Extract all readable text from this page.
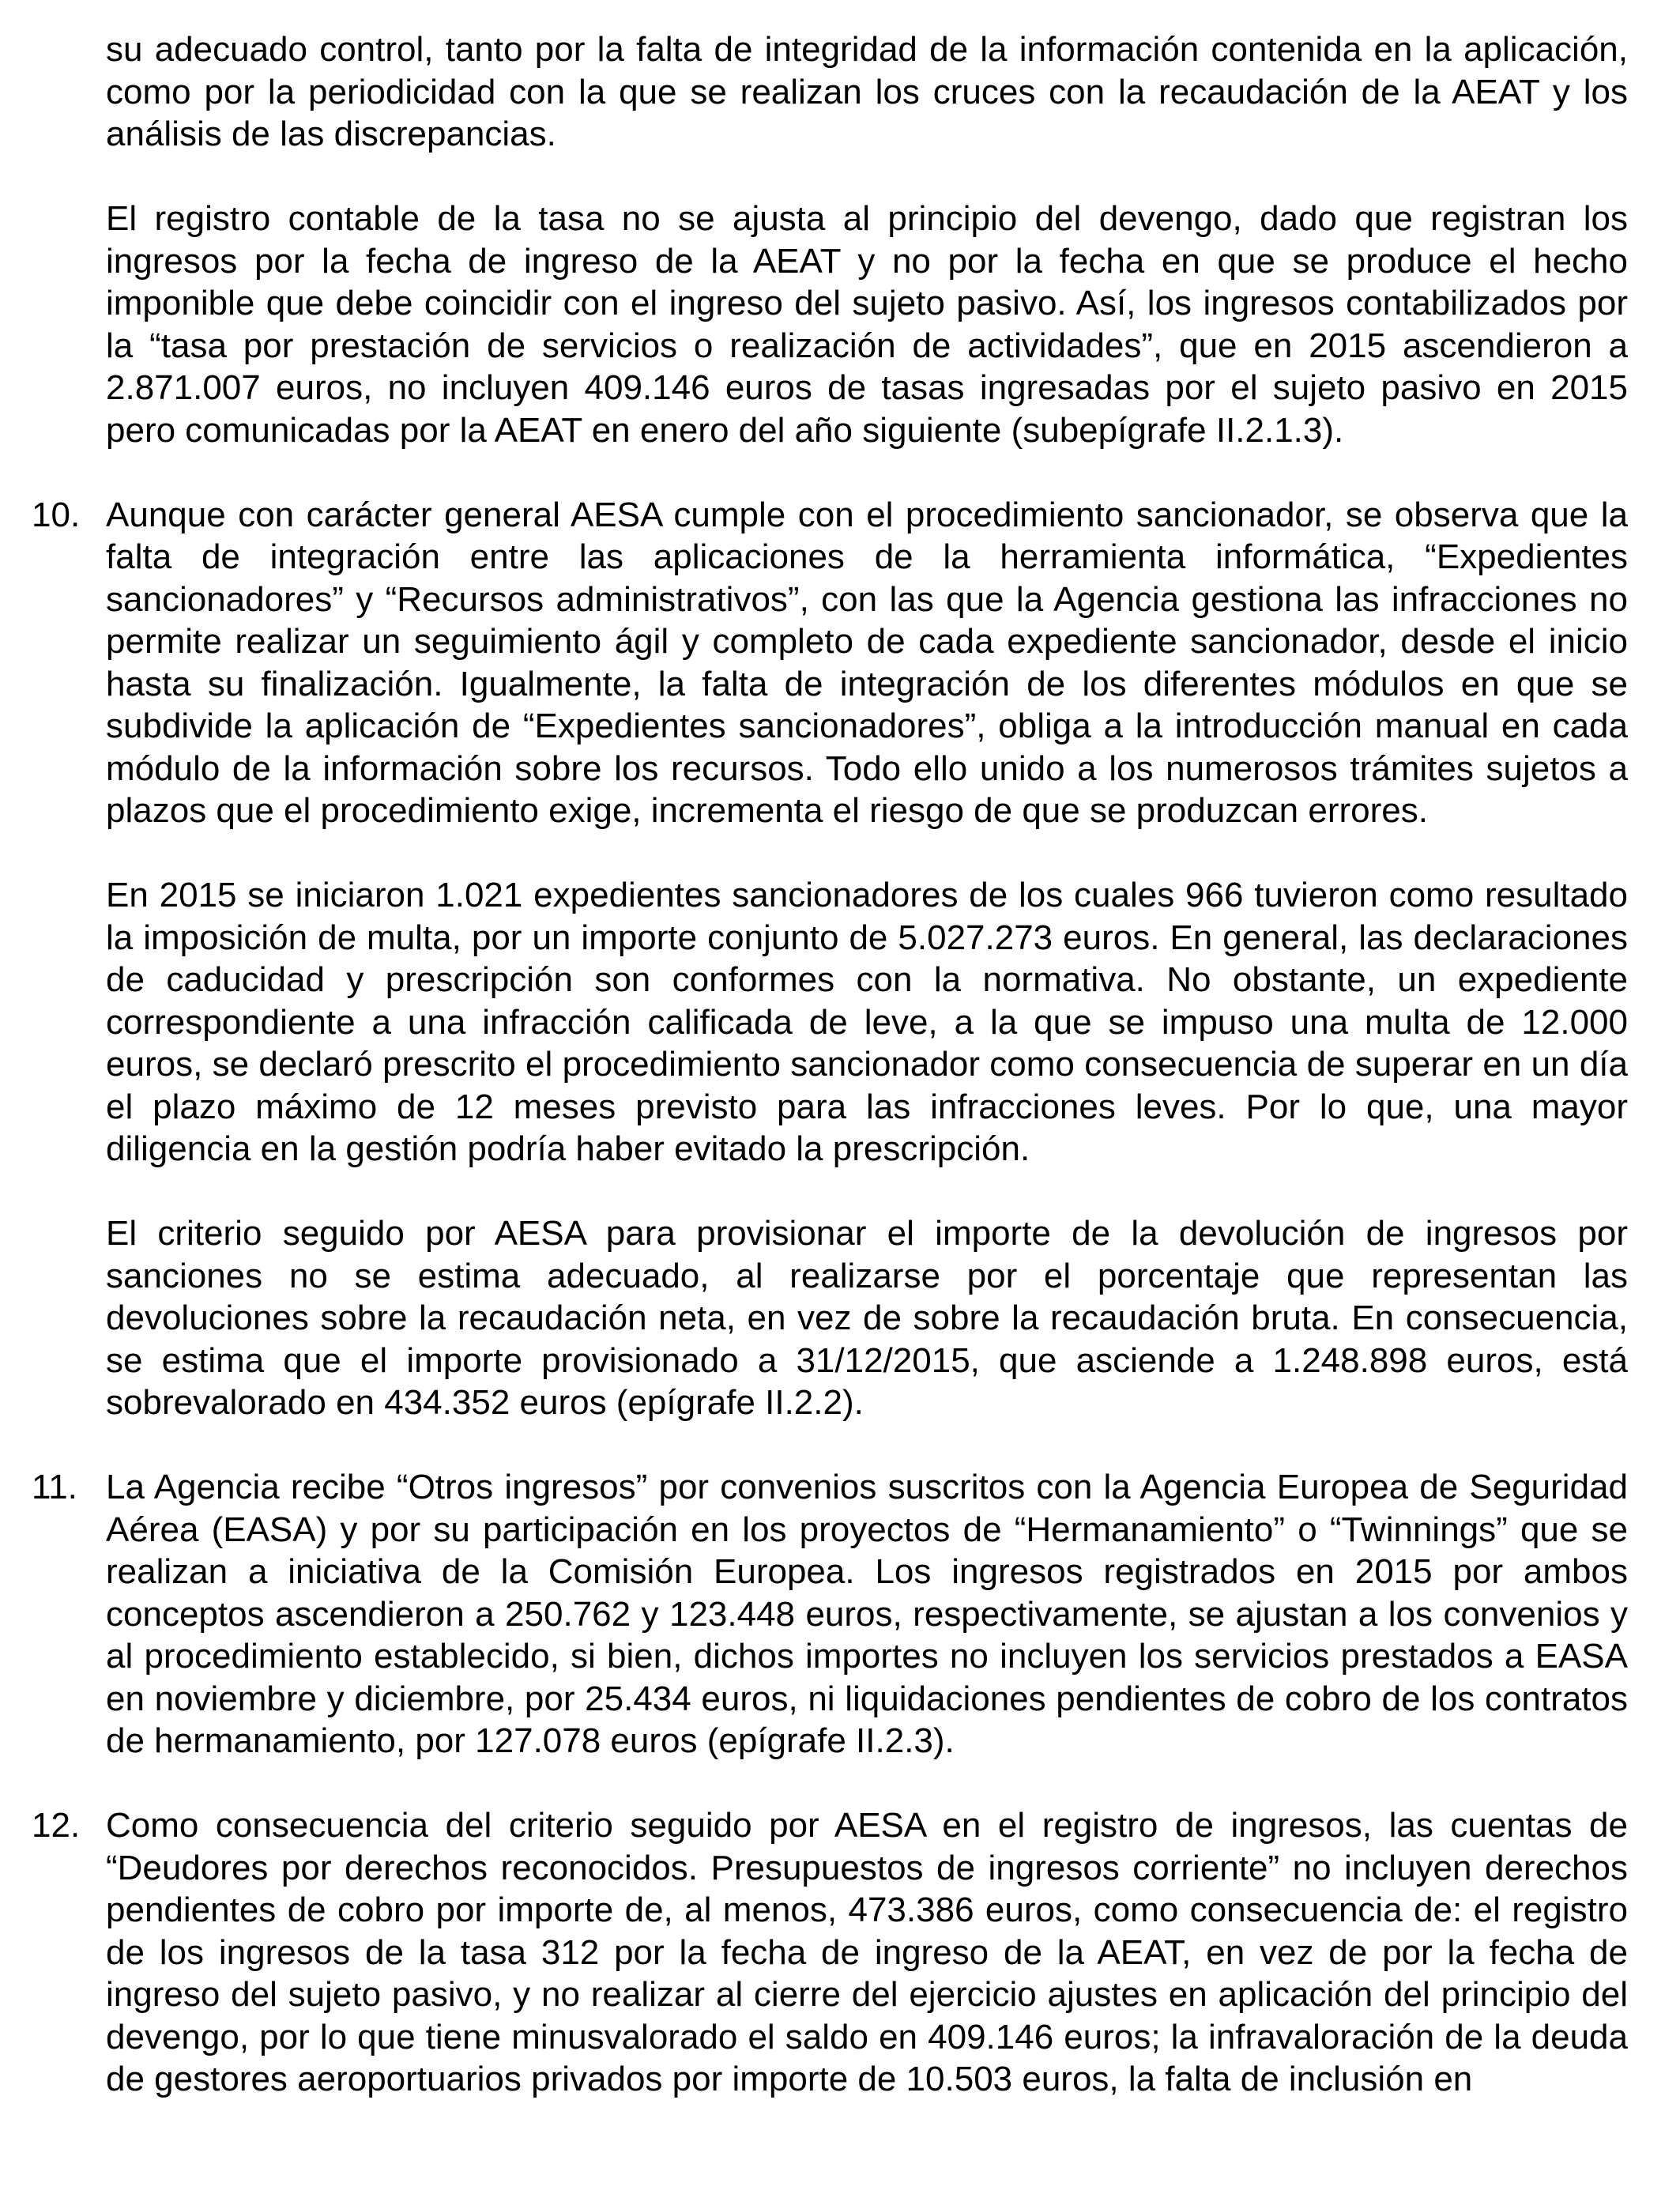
su adecuado control, tanto por la falta de integridad de la información contenida en la aplicación, como por la periodicidad con la que se realizan los cruces con la recaudación de la AEAT y los análisis de las discrepancias.

El registro contable de la tasa no se ajusta al principio del devengo, dado que registran los ingresos por la fecha de ingreso de la AEAT y no por la fecha en que se produce el hecho imponible que debe coincidir con el ingreso del sujeto pasivo. Así, los ingresos contabilizados por la “tasa por prestación de servicios o realización de actividades”, que en 2015 ascendieron a 2.871.007 euros, no incluyen 409.146 euros de tasas ingresadas por el sujeto pasivo en 2015 pero comunicadas por la AEAT en enero del año siguiente (subepígrafe II.2.1.3).

10. Aunque con carácter general AESA cumple con el procedimiento sancionador, se observa que la falta de integración entre las aplicaciones de la herramienta informática, “Expedientes sancionadores” y “Recursos administrativos”, con las que la Agencia gestiona las infracciones no permite realizar un seguimiento ágil y completo de cada expediente sancionador, desde el inicio hasta su finalización. Igualmente, la falta de integración de los diferentes módulos en que se subdivide la aplicación de “Expedientes sancionadores”, obliga a la introducción manual en cada módulo de la información sobre los recursos. Todo ello unido a los numerosos trámites sujetos a plazos que el procedimiento exige, incrementa el riesgo de que se produzcan errores.

En 2015 se iniciaron 1.021 expedientes sancionadores de los cuales 966 tuvieron como resultado la imposición de multa, por un importe conjunto de 5.027.273 euros. En general, las declaraciones de caducidad y prescripción son conformes con la normativa. No obstante, un expediente correspondiente a una infracción calificada de leve, a la que se impuso una multa de 12.000 euros, se declaró prescrito el procedimiento sancionador como consecuencia de superar en un día el plazo máximo de 12 meses previsto para las infracciones leves. Por lo que, una mayor diligencia en la gestión podría haber evitado la prescripción.

El criterio seguido por AESA para provisionar el importe de la devolución de ingresos por sanciones no se estima adecuado, al realizarse por el porcentaje que representan las devoluciones sobre la recaudación neta, en vez de sobre la recaudación bruta. En consecuencia, se estima que el importe provisionado a 31/12/2015, que asciende a 1.248.898 euros, está sobrevalorado en 434.352 euros (epígrafe II.2.2).

11. La Agencia recibe “Otros ingresos” por convenios suscritos con la Agencia Europea de Seguridad Aérea (EASA) y por su participación en los proyectos de “Hermanamiento” o “Twinnings” que se realizan a iniciativa de la Comisión Europea. Los ingresos registrados en 2015 por ambos conceptos ascendieron a 250.762 y 123.448 euros, respectivamente, se ajustan a los convenios y al procedimiento establecido, si bien, dichos importes no incluyen los servicios prestados a EASA en noviembre y diciembre, por 25.434 euros, ni liquidaciones pendientes de cobro de los contratos de hermanamiento, por 127.078 euros (epígrafe II.2.3).

12. Como consecuencia del criterio seguido por AESA en el registro de ingresos, las cuentas de “Deudores por derechos reconocidos. Presupuestos de ingresos corriente” no incluyen derechos pendientes de cobro por importe de, al menos, 473.386 euros, como consecuencia de: el registro de los ingresos de la tasa 312 por la fecha de ingreso de la AEAT, en vez de por la fecha de ingreso del sujeto pasivo, y no realizar al cierre del ejercicio ajustes en aplicación del principio del devengo, por lo que tiene minusvalorado el saldo en 409.146 euros; la infravaloración de la deuda de gestores aeroportuarios privados por importe de 10.503 euros, la falta de inclusión en
